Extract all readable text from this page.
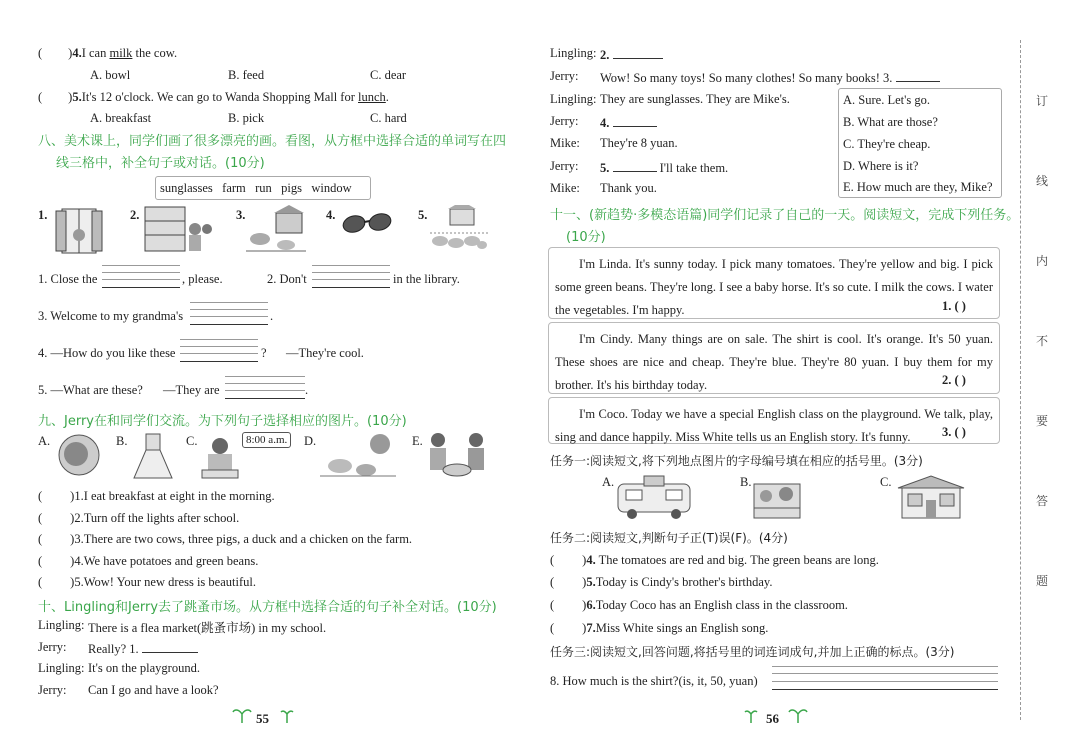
( )4.I can milk the cow.
A. bowl	B. feed	C. dear
( )5.It's 12 o'clock. We can go to Wanda Shopping Mall for lunch.
A. breakfast	B. pick	C. hard
八、美术课上，同学们画了很多漂亮的画。看图，从方框中选择合适的单词写在四
线三格中，补全句子或对话。(10分)
sunglasses   farm   run   pigs   window
1.	2.	3.	4.	5.
1. Close the	, please.	2. Don't	in the library.
3. Welcome to my grandma's	.
4. —How do you like these	? —They're cool.
5. —What are these? —They are	.
九、Jerry在和同学们交流。为下列句子选择相应的图片。(10分)
A.	B.	C.	8:00 a.m.	D.	E.
( )1.I eat breakfast at eight in the morning.
( )2.Turn off the lights after school.
( )3.There are two cows, three pigs, a duck and a chicken on the farm.
( )4.We have potatoes and green beans.
( )5.Wow! Your new dress is beautiful.
十、Lingling和Jerry去了跳蚤市场。从方框中选择合适的句子补全对话。(10分)
Lingling: There is a flea market(跳蚤市场) in my school.
Jerry: Really? 1.
Lingling: It's on the playground.
Jerry: Can I go and have a look?
55
Lingling: 2.
Jerry: Wow! So many toys! So many clothes! So many books! 3.
Lingling: They are sunglasses. They are Mike's.
Jerry: 4.
Mike: They're 8 yuan.
Jerry: 5.	I'll take them.
Mike: Thank you.
A. Sure. Let's go.
B. What are those?
C. They're cheap.
D. Where is it?
E. How much are they, Mike?
十一、(新趋势·多模态语篇)同学们记录了自己的一天。阅读短文，完成下列任务。
(10分)
I'm Linda. It's sunny today. I pick many tomatoes. They're yellow and big. I pick some green beans. They're long. I see a baby horse. It's so cute. I milk the cows. I water the vegetables. I'm happy.	1. ( )
I'm Cindy. Many things are on sale. The shirt is cool. It's orange. It's 50 yuan. These shoes are nice and cheap. They're blue. They're 80 yuan. I buy them for my brother. It's his birthday today.	2. ( )
I'm Coco. Today we have a special English class on the playground. We talk, play, sing and dance happily. Miss White tells us an English story. It's funny.	3. ( )
任务一:阅读短文,将下列地点图片的字母编号填在相应的括号里。(3分)
A.	B.	C.
任务二:阅读短文,判断句子正(T)误(F)。(4分)
( )4. The tomatoes are red and big. The green beans are long.
( )5.Today is Cindy's brother's birthday.
( )6.Today Coco has an English class in the classroom.
( )7.Miss White sings an English song.
任务三:阅读短文,回答问题,将括号里的词连词成句,并加上正确的标点。(3分)
8. How much is the shirt?(is, it, 50, yuan)
56
订
线
内
不
要
答
题
